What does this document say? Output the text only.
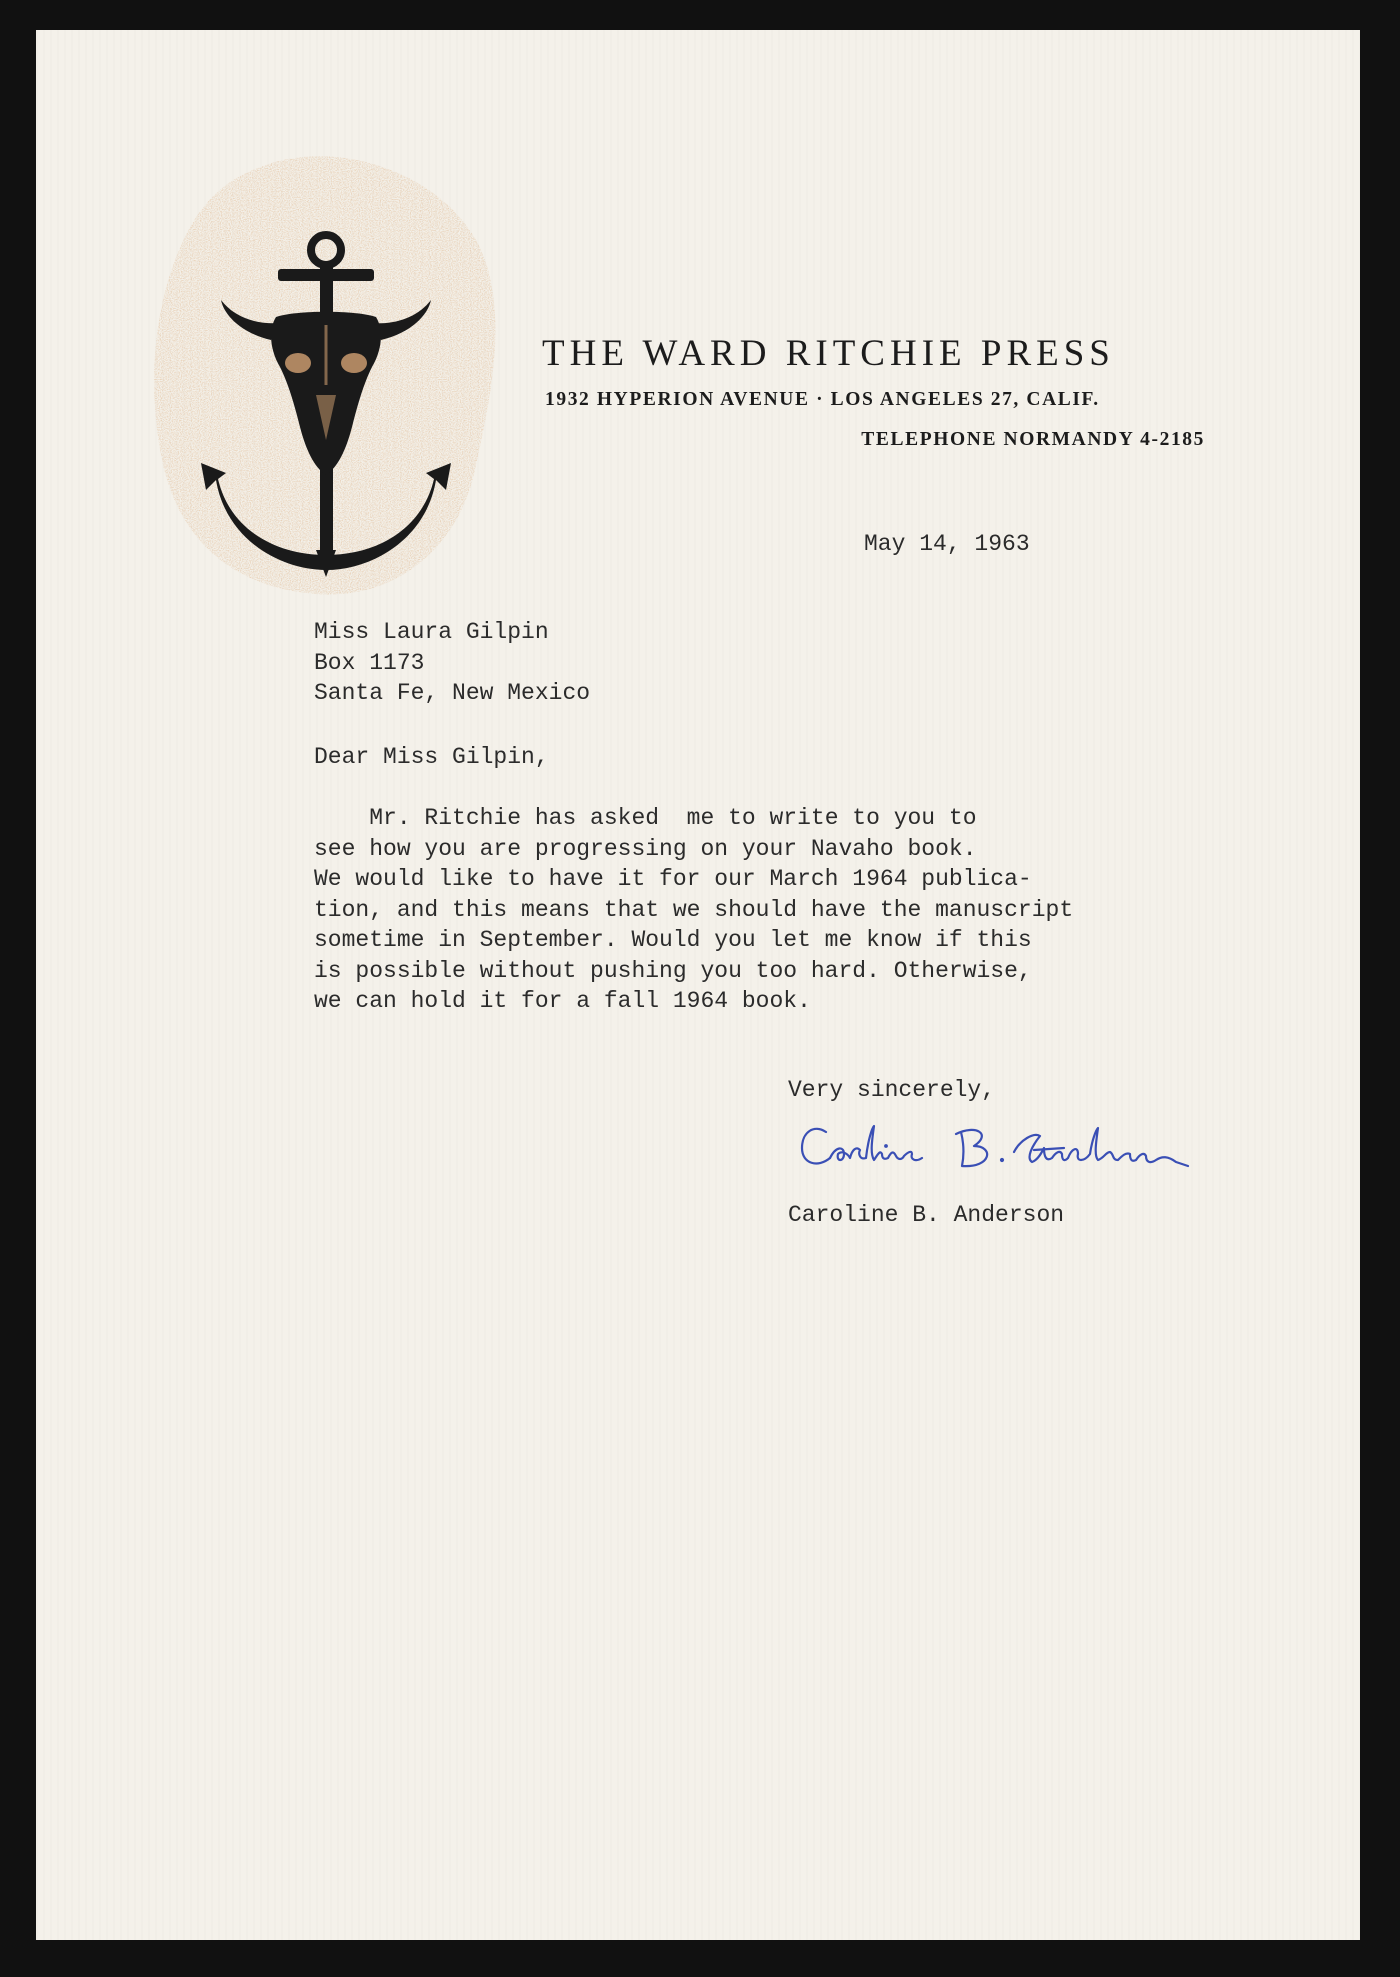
THE WARD RITCHIE PRESS
1932 HYPERION AVENUE · LOS ANGELES 27, CALIF.
TELEPHONE NORMANDY 4-2185
May 14, 1963
Miss Laura Gilpin
Box 1173
Santa Fe, New Mexico
Dear Miss Gilpin,
Mr. Ritchie has asked  me to write to you to
see how you are progressing on your Navaho book.
We would like to have it for our March 1964 publica-
tion, and this means that we should have the manuscript
sometime in September. Would you let me know if this
is possible without pushing you too hard. Otherwise,
we can hold it for a fall 1964 book.
Very sincerely,
Caroline B. Anderson
